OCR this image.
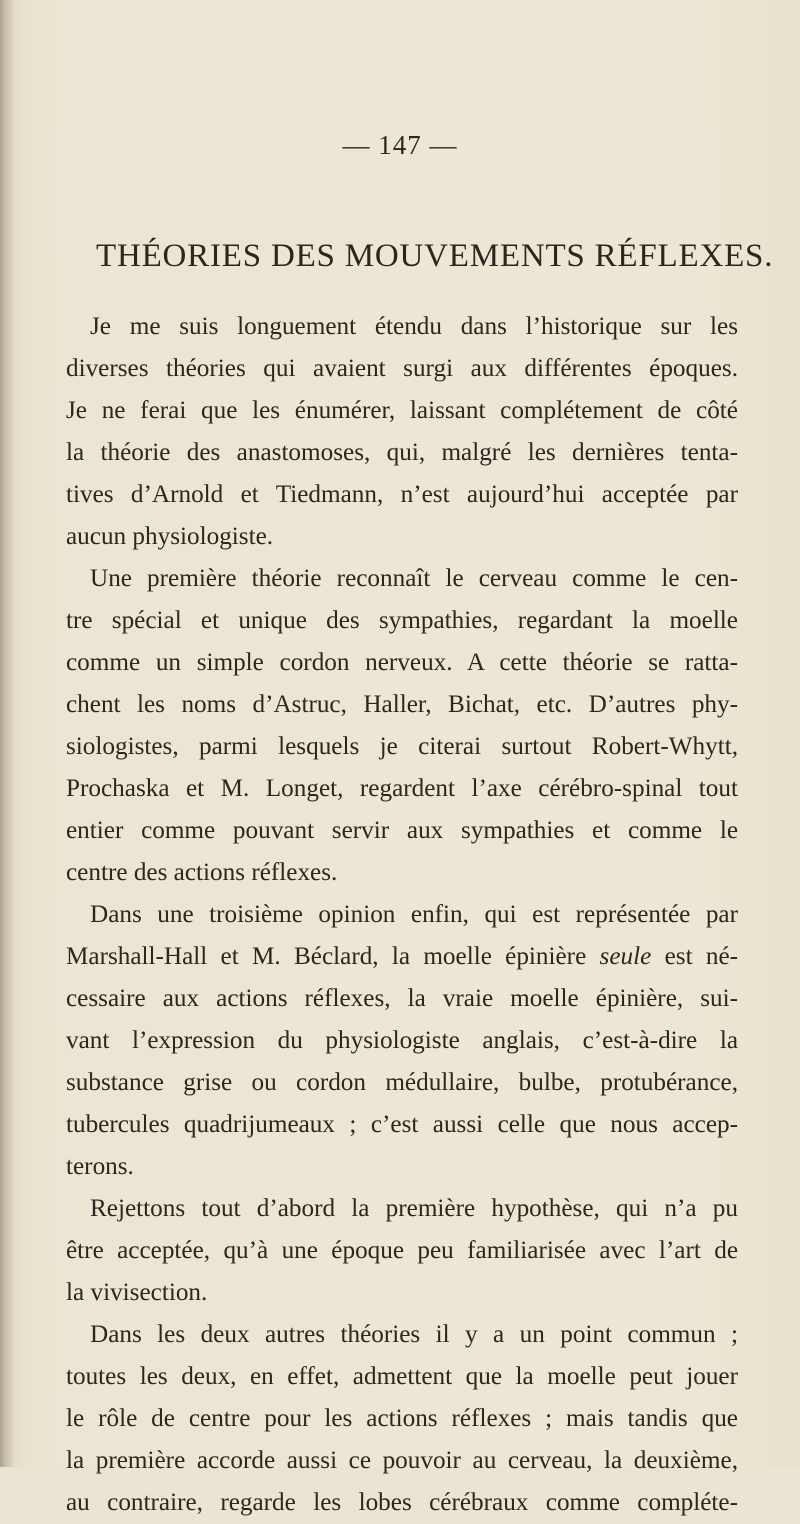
— 147 —
THÉORIES DES MOUVEMENTS RÉFLEXES.
Je me suis longuement étendu dans l’historique sur les
diverses théories qui avaient surgi aux différentes époques.
Je ne ferai que les énumérer, laissant complétement de côté
la théorie des anastomoses, qui, malgré les dernières tenta-
tives d’Arnold et Tiedmann, n’est aujourd’hui acceptée par
aucun physiologiste.
Une première théorie reconnaît le cerveau comme le cen-
tre spécial et unique des sympathies, regardant la moelle
comme un simple cordon nerveux. A cette théorie se ratta-
chent les noms d’Astruc, Haller, Bichat, etc. D’autres phy-
siologistes, parmi lesquels je citerai surtout Robert-Whytt,
Prochaska et M. Longet, regardent l’axe cérébro-spinal tout
entier comme pouvant servir aux sympathies et comme le
centre des actions réflexes.
Dans une troisième opinion enfin, qui est représentée par
Marshall-Hall et M. Béclard, la moelle épinière seule est né-
cessaire aux actions réflexes, la vraie moelle épinière, sui-
vant l’expression du physiologiste anglais, c’est-à-dire la
substance grise ou cordon médullaire, bulbe, protubérance,
tubercules quadrijumeaux ; c’est aussi celle que nous accep-
terons.
Rejettons tout d’abord la première hypothèse, qui n’a pu
être acceptée, qu’à une époque peu familiarisée avec l’art de
la vivisection.
Dans les deux autres théories il y a un point commun ;
toutes les deux, en effet, admettent que la moelle peut jouer
le rôle de centre pour les actions réflexes ; mais tandis que
la première accorde aussi ce pouvoir au cerveau, la deuxième,
au contraire, regarde les lobes cérébraux comme compléte-
